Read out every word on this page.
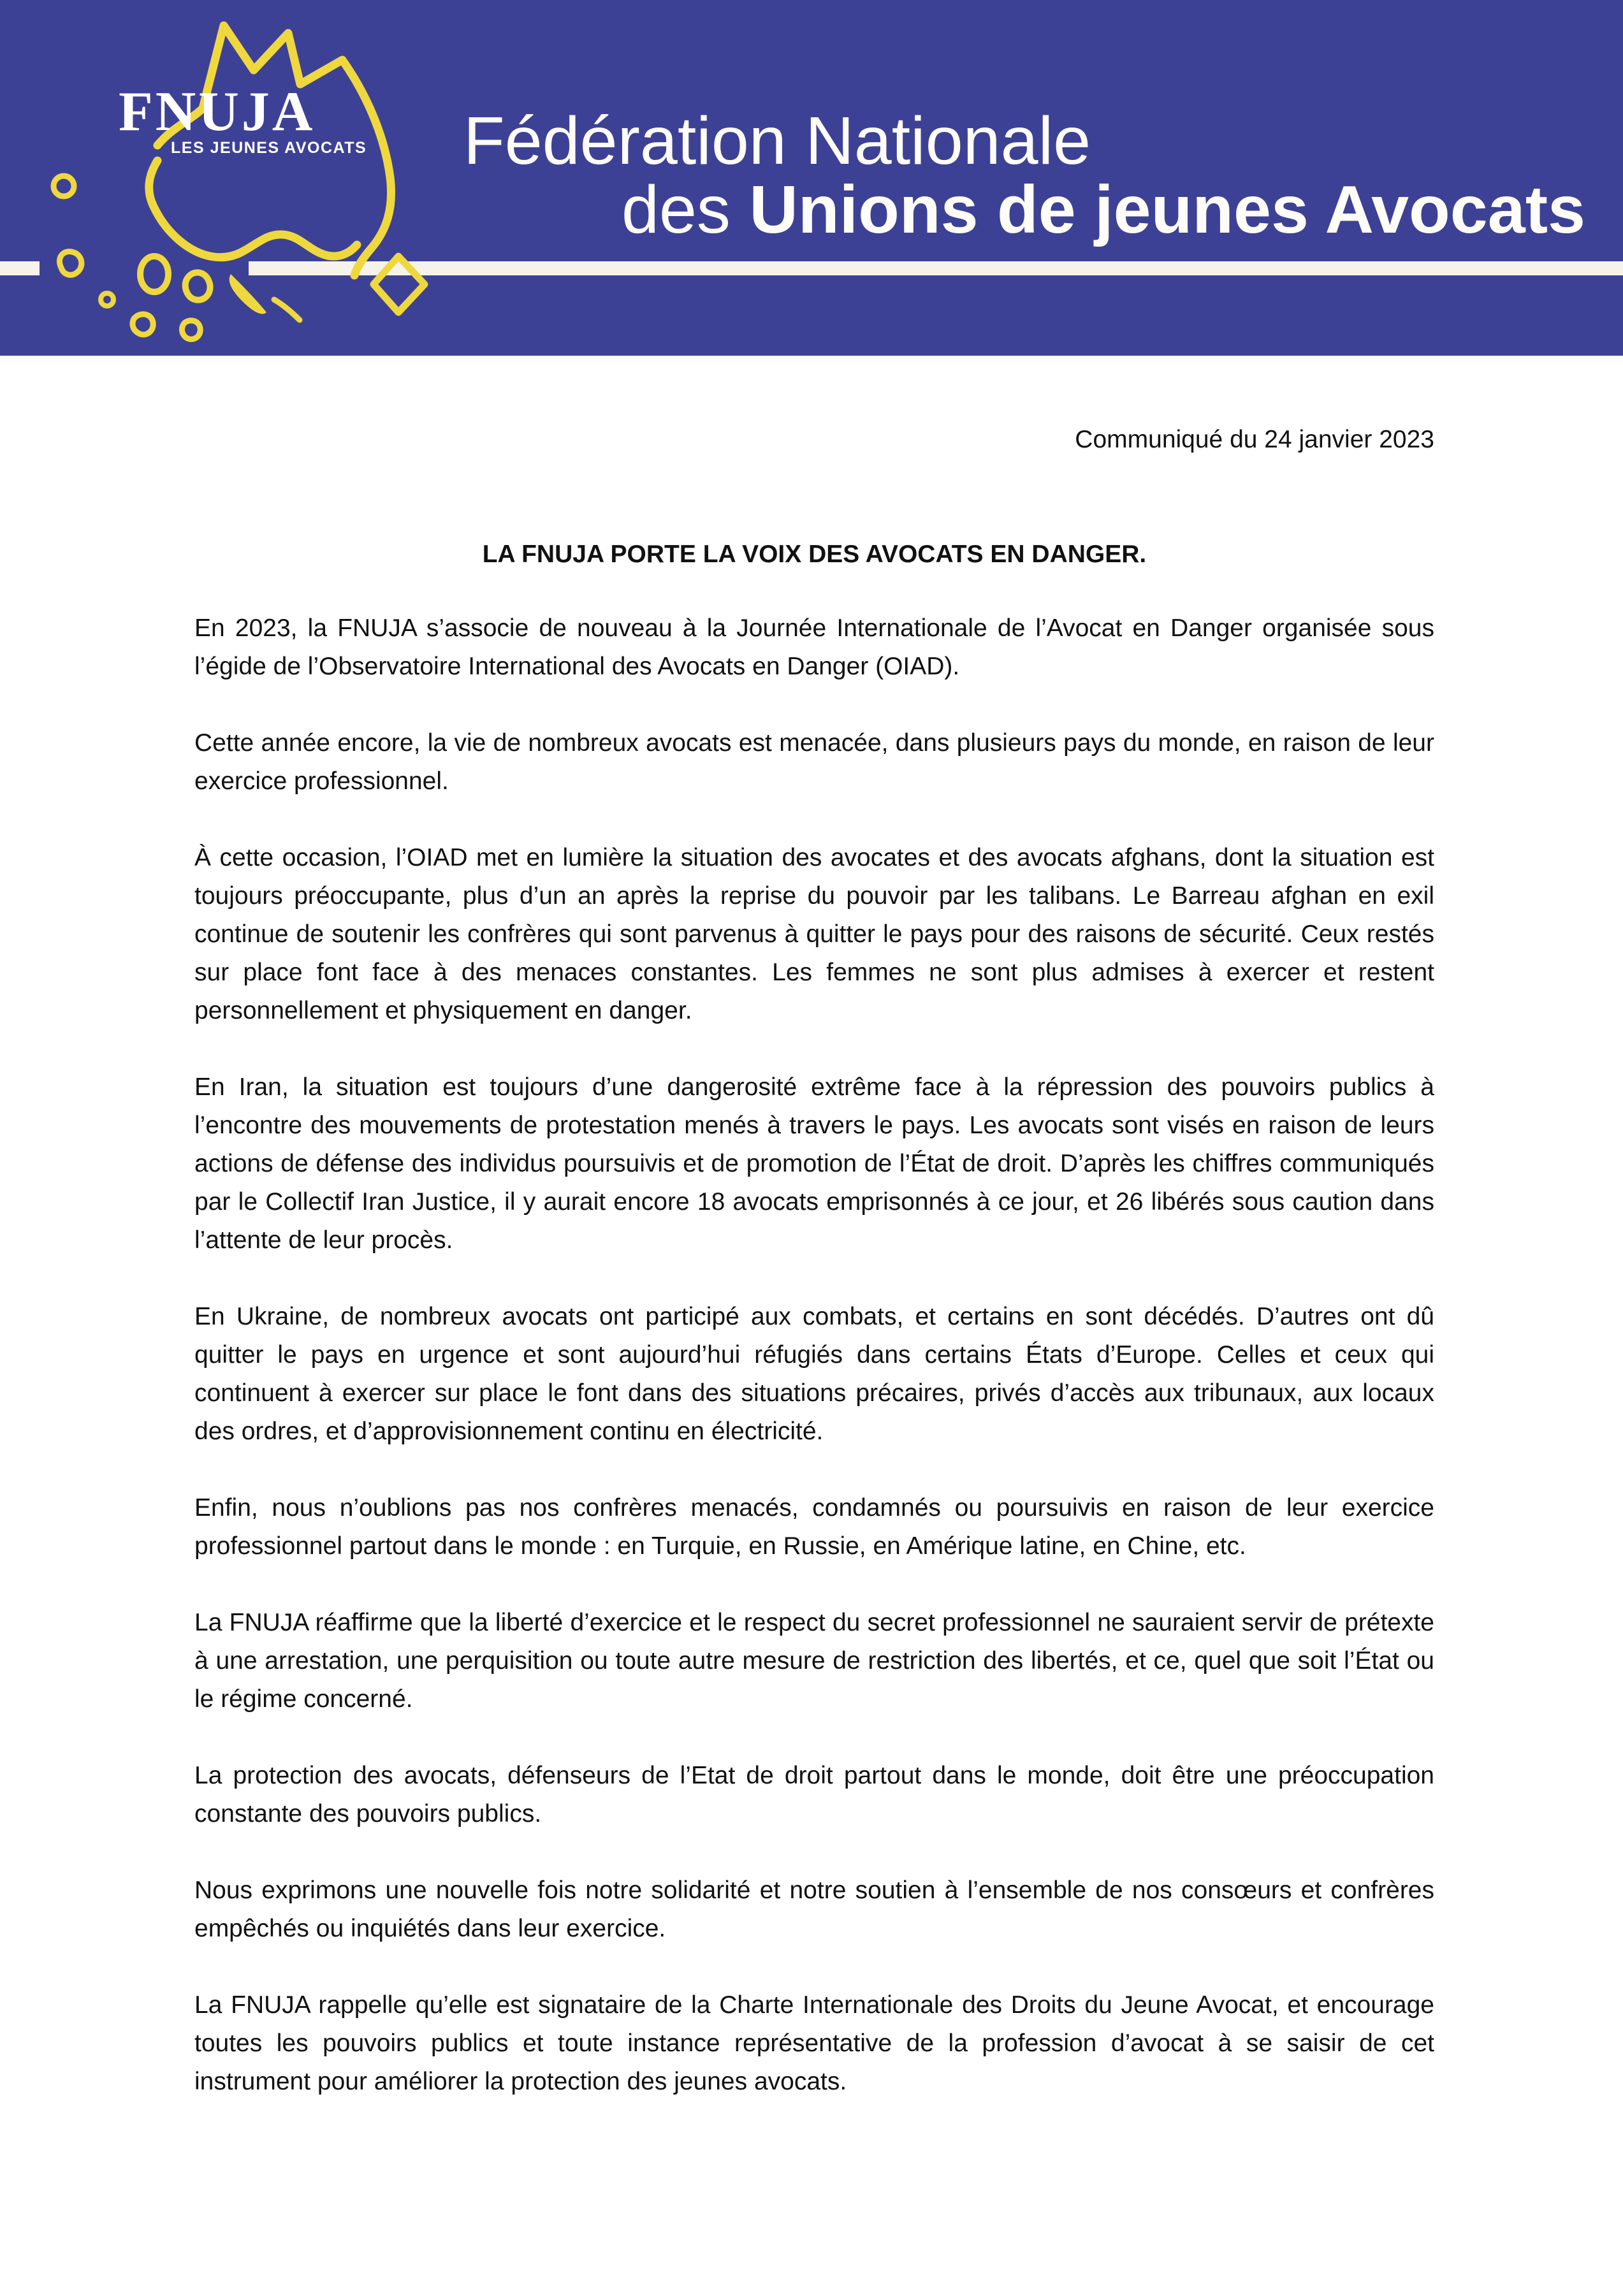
FNUJA
LES JEUNES AVOCATS Fédération Nationale
des Unions de jeunes Avocats
Communiqué du 24 janvier 2023
LA FNUJA PORTE LA VOIX DES AVOCATS EN DANGER.

En 2023, la FNUJA s’associe de nouveau à la Journée Internationale de l’Avocat en Danger organisée sous l’égide de l’Observatoire International des Avocats en Danger (OIAD).

Cette année encore, la vie de nombreux avocats est menacée, dans plusieurs pays du monde, en raison de leur exercice professionnel.

À cette occasion, l’OIAD met en lumière la situation des avocates et des avocats afghans, dont la situation est toujours préoccupante, plus d’un an après la reprise du pouvoir par les talibans. Le Barreau afghan en exil continue de soutenir les confrères qui sont parvenus à quitter le pays pour des raisons de sécurité. Ceux restés sur place font face à des menaces constantes. Les femmes ne sont plus admises à exercer et restent personnellement et physiquement en danger.

En Iran, la situation est toujours d’une dangerosité extrême face à la répression des pouvoirs publics à l’encontre des mouvements de protestation menés à travers le pays. Les avocats sont visés en raison de leurs actions de défense des individus poursuivis et de promotion de l’État de droit. D’après les chiffres communiqués par le Collectif Iran Justice, il y aurait encore 18 avocats emprisonnés à ce jour, et 26 libérés sous caution dans l’attente de leur procès.

En Ukraine, de nombreux avocats ont participé aux combats, et certains en sont décédés. D’autres ont dû quitter le pays en urgence et sont aujourd’hui réfugiés dans certains États d’Europe. Celles et ceux qui continuent à exercer sur place le font dans des situations précaires, privés d’accès aux tribunaux, aux locaux des ordres, et d’approvisionnement continu en électricité.

Enfin, nous n’oublions pas nos confrères menacés, condamnés ou poursuivis en raison de leur exercice professionnel partout dans le monde : en Turquie, en Russie, en Amérique latine, en Chine, etc.

La FNUJA réaffirme que la liberté d’exercice et le respect du secret professionnel ne sauraient servir de prétexte à une arrestation, une perquisition ou toute autre mesure de restriction des libertés, et ce, quel que soit l’État ou le régime concerné.

La protection des avocats, défenseurs de l’Etat de droit partout dans le monde, doit être une préoccupation constante des pouvoirs publics.

Nous exprimons une nouvelle fois notre solidarité et notre soutien à l’ensemble de nos consœurs et confrères empêchés ou inquiétés dans leur exercice.

La FNUJA rappelle qu’elle est signataire de la Charte Internationale des Droits du Jeune Avocat, et encourage toutes les pouvoirs publics et toute instance représentative de la profession d’avocat à se saisir de cet instrument pour améliorer la protection des jeunes avocats.
